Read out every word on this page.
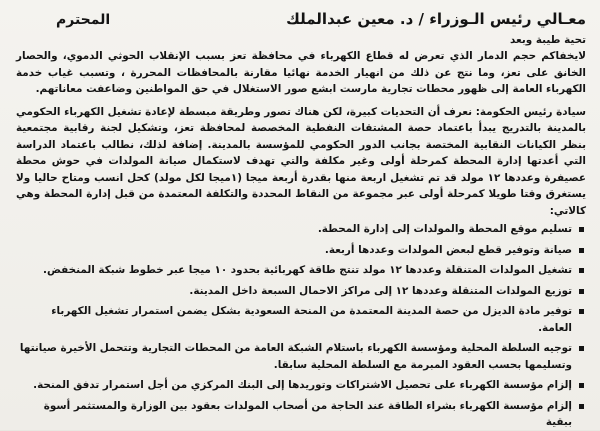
معـالي رئيس الـوزراء / د. معين عبدالملك
المحترم
تحية طيبة وبعد

لايخفاكم حجم الدمار الذي تعرض له قطاع الكهرباء في محافظة تعز بسبب الإنقلاب الحوثي الدموي، والحصار الخانق على تعز، وما نتج عن ذلك من انهيار الخدمة نهائيا مقارنة بالمحافظات المحررة ، وتسبب غياب خدمة الكهرباء العامة إلى ظهور محطات تجارية مارست ابشع صور الاستغلال في حق المواطنين وضاعفت معاناتهم.

سيادة رئيس الحكومة: نعرف أن التحديات كبيرة، لكن هناك تصور وطريقة مبسطة لإعادة تشغيل الكهرباء الحكومي بالمدينة بالتدريج يبدأ باعتماد حصة المشتقات النفطية المخصصة لمحافظة تعز، وتشكيل لجنة رقابية مجتمعية بنظر الكيانات النقابية المختصة بجانب الدور الحكومي للمؤسسة بالمدينة. إضافة لذلك، نطالب باعتماد الدراسة التي أعدتها إدارة المحطة كمرحلة أولى وغير مكلفة والتي تهدف لاستكمال صيانة المولدات في حوش محطة عصيفرة وعددها ١٢ مولد قد تم تشغيل اربعة منها بقدرة أربعة ميجا (١ميجا لكل مولد) كحل انسب ومتاح حاليا ولا يستغرق وقتا طويلا كمرحلة أولى عبر مجموعة من النقاط المحددة والتكلفة المعتمدة من قبل إدارة المحطة وهي كالاتي:

تسليم موقع المحطة والمولدات إلى إدارة المحطة.
صيانة وتوفير قطع لبعض المولدات وعددها أربعة.
تشغيل المولدات المتنقلة وعددها ١٢ مولد تنتج طاقة كهربائية بحدود ١٠ ميجا عبر خطوط شبكة المنخفض.
توزيع المولدات المتنقلة وعددها ١٢ إلى مراكز الاحمال السبعة داخل المدينة.
توفير مادة الديزل من حصة المدينة المعتمدة من المنحة السعودية بشكل يضمن استمرار تشغيل الكهرباء العامة.
توجيه السلطة المحلية ومؤسسة الكهرباء باستلام الشبكة العامة من المحطات التجارية وتتحمل الأخيرة صيانتها وتسليمها بحسب العقود المبرمة مع السلطة المحلية سابقا.
إلزام مؤسسة الكهرباء على تحصيل الاشتراكات وتوريدها إلى البنك المركزي من أجل استمرار تدفق المنحة.
إلزام مؤسسة الكهرباء بشراء الطاقة عند الحاجة من أصحاب المولدات بعقود بين الوزارة والمستثمر أسوة ببقية
